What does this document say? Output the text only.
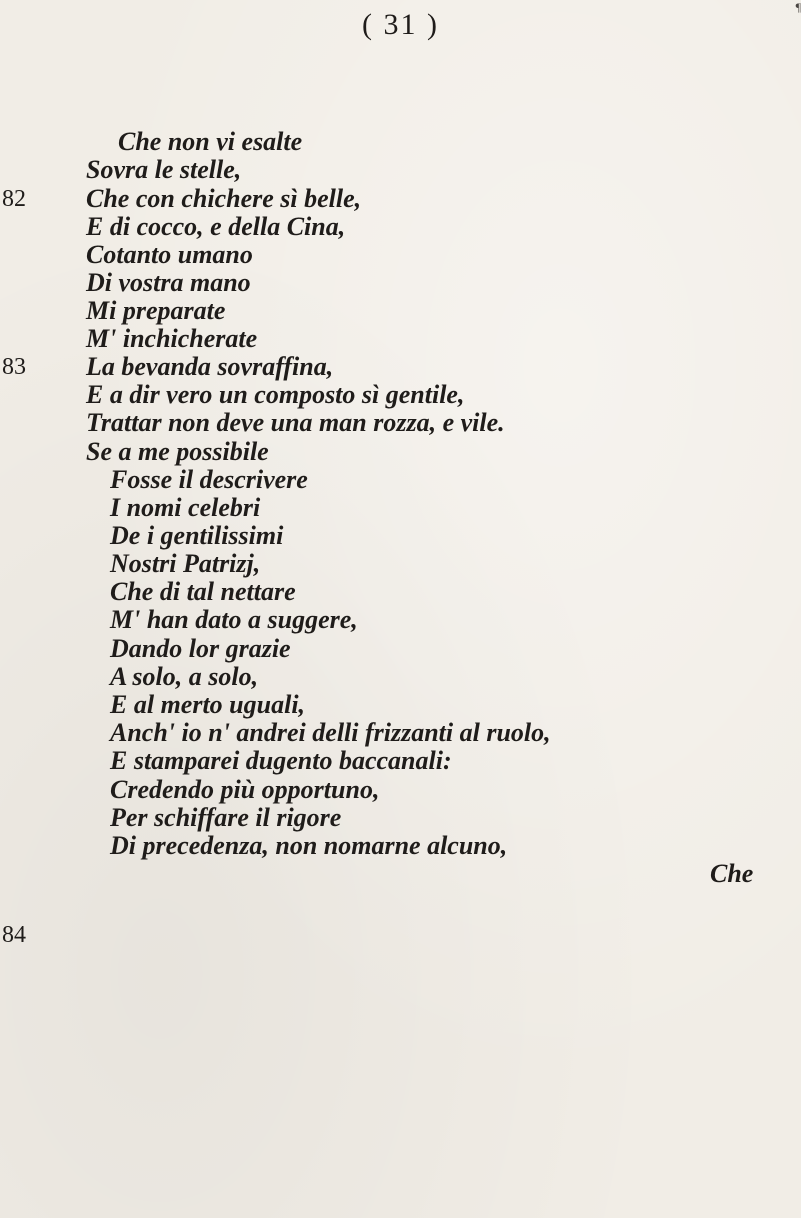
¶
( 31 )
82
83
84
Che non vi esalte
Sovra le stelle,
Che con chichere sì belle,
E di cocco, e della Cina,
Cotanto umano
Di vostra mano
Mi preparate
M' inchicherate
La bevanda sovraffina,
E a dir vero un composto sì gentile,
Trattar non deve una man rozza, e vile.
Se a me possibile
Fosse il descrivere
I nomi celebri
De i gentilissimi
Nostri Patrizj,
Che di tal nettare
M' han dato a suggere,
Dando lor grazie
A solo, a solo,
E al merto uguali,
Anch' io n' andrei delli frizzanti al ruolo,
E stamparei dugento baccanali:
Credendo più opportuno,
Per schiffare il rigore
Di precedenza, non nomarne alcuno,
Che
